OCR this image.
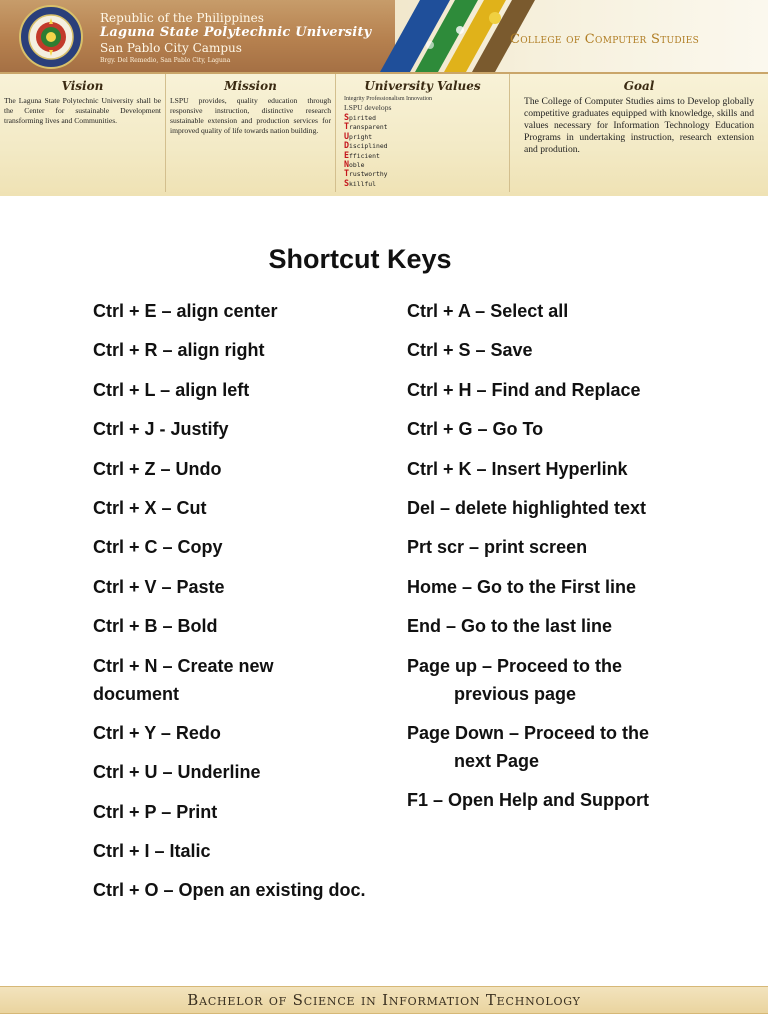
Republic of the Philippines
Laguna State Polytechnic University
San Pablo City Campus
Brgy. Del Remedio, San Pablo City, Laguna
College of Computer Studies
Vision

The Laguna State Polytechnic University shall be the Center for sustainable Development transforming lives and Communities.

Mission

LSPU provides, quality education through responsive instruction, distinctive research sustainable extension and production services for improved quality of life towards nation building.

University Values
Integrity Professionalism Innovation
LSPU develops
Spirited
Transparent
Upright
Disciplined
Efficient
Noble
Trustworthy
Skillful
Goal

The College of Computer Studies aims to Develop globally competitive graduates equipped with knowledge, skills and values necessary for Information Technology Education Programs in undertaking instruction, research extension and prodution.

Shortcut Keys
Ctrl + E – align center
Ctrl + R – align right
Ctrl + L – align left
Ctrl + J - Justify
Ctrl + Z – Undo
Ctrl + X – Cut
Ctrl + C – Copy
Ctrl + V – Paste
Ctrl + B – Bold
Ctrl + N – Create new
document
Ctrl + Y – Redo
Ctrl + U – Underline
Ctrl + P – Print
Ctrl + I – Italic
Ctrl + O – Open an existing doc.
Ctrl + A – Select all
Ctrl + S – Save
Ctrl + H – Find and Replace
Ctrl + G – Go To
Ctrl + K – Insert Hyperlink
Del – delete highlighted text
Prt scr – print screen
Home – Go to the First line
End – Go to the last line
Page up – Proceed to the
previous page
Page Down – Proceed to the
next Page
F1 – Open Help and Support
Bachelor of Science in Information Technology
